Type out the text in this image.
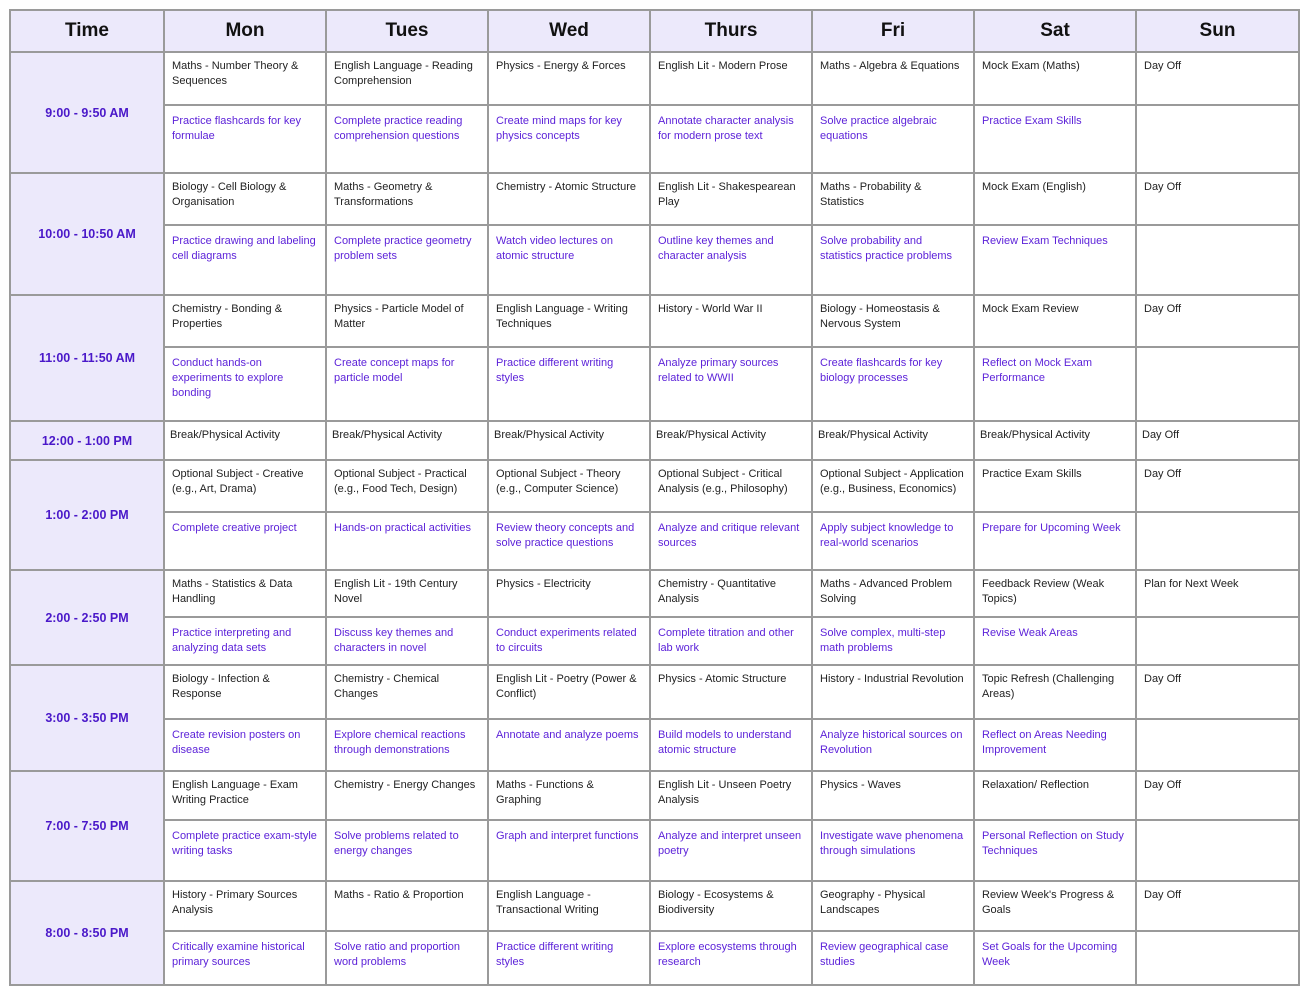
Time	Mon	Tues	Wed	Thurs	Fri	Sat	Sun
9:00 - 9:50 AM	Maths - Number Theory & Sequences	English Language - Reading Comprehension	Physics - Energy & Forces	English Lit - Modern Prose	Maths - Algebra & Equations	Mock Exam (Maths)	Day Off
	Practice flashcards for key formulae	Complete practice reading comprehension questions	Create mind maps for key physics concepts	Annotate character analysis for modern prose text	Solve practice algebraic equations	Practice Exam Skills	
10:00 - 10:50 AM	Biology - Cell Biology & Organisation	Maths - Geometry & Transformations	Chemistry - Atomic Structure	English Lit - Shakespearean Play	Maths - Probability & Statistics	Mock Exam (English)	Day Off
	Practice drawing and labeling cell diagrams	Complete practice geometry problem sets	Watch video lectures on atomic structure	Outline key themes and character analysis	Solve probability and statistics practice problems	Review Exam Techniques	
11:00 - 11:50 AM	Chemistry - Bonding & Properties	Physics - Particle Model of Matter	English Language - Writing Techniques	History - World War II	Biology - Homeostasis & Nervous System	Mock Exam Review	Day Off
	Conduct hands-on experiments to explore bonding	Create concept maps for particle model	Practice different writing styles	Analyze primary sources related to WWII	Create flashcards for key biology processes	Reflect on Mock Exam Performance	
12:00 - 1:00 PM	Break/Physical Activity	Break/Physical Activity	Break/Physical Activity	Break/Physical Activity	Break/Physical Activity	Break/Physical Activity	Day Off
1:00 - 2:00 PM	Optional Subject - Creative (e.g., Art, Drama)	Optional Subject - Practical (e.g., Food Tech, Design)	Optional Subject - Theory (e.g., Computer Science)	Optional Subject - Critical Analysis (e.g., Philosophy)	Optional Subject - Application (e.g., Business, Economics)	Practice Exam Skills	Day Off
	Complete creative project	Hands-on practical activities	Review theory concepts and solve practice questions	Analyze and critique relevant sources	Apply subject knowledge to real-world scenarios	Prepare for Upcoming Week	
2:00 - 2:50 PM	Maths - Statistics & Data Handling	English Lit - 19th Century Novel	Physics - Electricity	Chemistry - Quantitative Analysis	Maths - Advanced Problem Solving	Feedback Review (Weak Topics)	Plan for Next Week
	Practice interpreting and analyzing data sets	Discuss key themes and characters in novel	Conduct experiments related to circuits	Complete titration and other lab work	Solve complex, multi-step math problems	Revise Weak Areas	
3:00 - 3:50 PM	Biology - Infection & Response	Chemistry - Chemical Changes	English Lit - Poetry (Power & Conflict)	Physics - Atomic Structure	History - Industrial Revolution	Topic Refresh (Challenging Areas)	Day Off
	Create revision posters on disease	Explore chemical reactions through demonstrations	Annotate and analyze poems	Build models to understand atomic structure	Analyze historical sources on Revolution	Reflect on Areas Needing Improvement	
7:00 - 7:50 PM	English Language - Exam Writing Practice	Chemistry - Energy Changes	Maths - Functions & Graphing	English Lit - Unseen Poetry Analysis	Physics - Waves	Relaxation/ Reflection	Day Off
	Complete practice exam-style writing tasks	Solve problems related to energy changes	Graph and interpret functions	Analyze and interpret unseen poetry	Investigate wave phenomena through simulations	Personal Reflection on Study Techniques	
8:00 - 8:50 PM	History - Primary Sources Analysis	Maths - Ratio & Proportion	English Language - Transactional Writing	Biology - Ecosystems & Biodiversity	Geography - Physical Landscapes	Review Week's Progress & Goals	Day Off
	Critically examine historical primary sources	Solve ratio and proportion word problems	Practice different writing styles	Explore ecosystems through research	Review geographical case studies	Set Goals for the Upcoming Week	
